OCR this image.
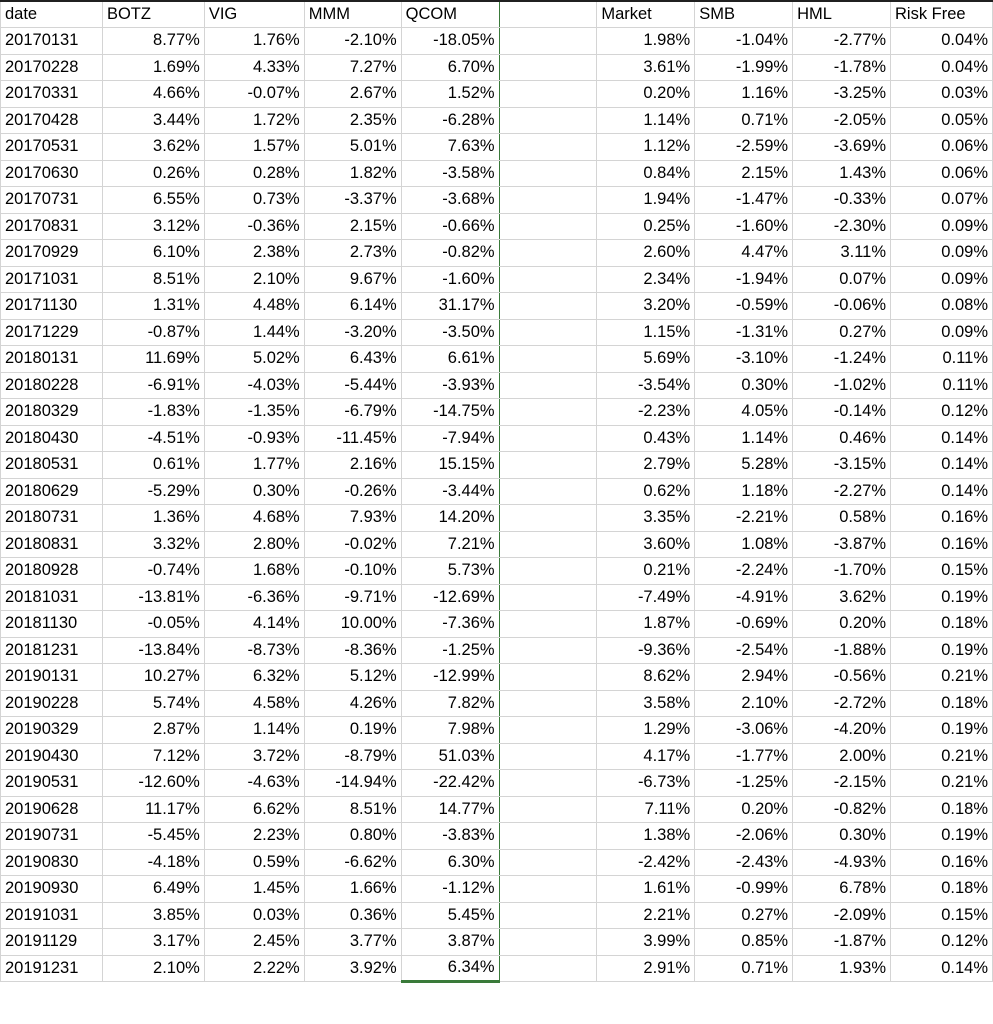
date	BOTZ	VIG	MMM	QCOM		Market	SMB	HML	Risk Free
20170131	8.77%	1.76%	-2.10%	-18.05%		1.98%	-1.04%	-2.77%	0.04%
20170228	1.69%	4.33%	7.27%	6.70%		3.61%	-1.99%	-1.78%	0.04%
20170331	4.66%	-0.07%	2.67%	1.52%		0.20%	1.16%	-3.25%	0.03%
20170428	3.44%	1.72%	2.35%	-6.28%		1.14%	0.71%	-2.05%	0.05%
20170531	3.62%	1.57%	5.01%	7.63%		1.12%	-2.59%	-3.69%	0.06%
20170630	0.26%	0.28%	1.82%	-3.58%		0.84%	2.15%	1.43%	0.06%
20170731	6.55%	0.73%	-3.37%	-3.68%		1.94%	-1.47%	-0.33%	0.07%
20170831	3.12%	-0.36%	2.15%	-0.66%		0.25%	-1.60%	-2.30%	0.09%
20170929	6.10%	2.38%	2.73%	-0.82%		2.60%	4.47%	3.11%	0.09%
20171031	8.51%	2.10%	9.67%	-1.60%		2.34%	-1.94%	0.07%	0.09%
20171130	1.31%	4.48%	6.14%	31.17%		3.20%	-0.59%	-0.06%	0.08%
20171229	-0.87%	1.44%	-3.20%	-3.50%		1.15%	-1.31%	0.27%	0.09%
20180131	11.69%	5.02%	6.43%	6.61%		5.69%	-3.10%	-1.24%	0.11%
20180228	-6.91%	-4.03%	-5.44%	-3.93%		-3.54%	0.30%	-1.02%	0.11%
20180329	-1.83%	-1.35%	-6.79%	-14.75%		-2.23%	4.05%	-0.14%	0.12%
20180430	-4.51%	-0.93%	-11.45%	-7.94%		0.43%	1.14%	0.46%	0.14%
20180531	0.61%	1.77%	2.16%	15.15%		2.79%	5.28%	-3.15%	0.14%
20180629	-5.29%	0.30%	-0.26%	-3.44%		0.62%	1.18%	-2.27%	0.14%
20180731	1.36%	4.68%	7.93%	14.20%		3.35%	-2.21%	0.58%	0.16%
20180831	3.32%	2.80%	-0.02%	7.21%		3.60%	1.08%	-3.87%	0.16%
20180928	-0.74%	1.68%	-0.10%	5.73%		0.21%	-2.24%	-1.70%	0.15%
20181031	-13.81%	-6.36%	-9.71%	-12.69%		-7.49%	-4.91%	3.62%	0.19%
20181130	-0.05%	4.14%	10.00%	-7.36%		1.87%	-0.69%	0.20%	0.18%
20181231	-13.84%	-8.73%	-8.36%	-1.25%		-9.36%	-2.54%	-1.88%	0.19%
20190131	10.27%	6.32%	5.12%	-12.99%		8.62%	2.94%	-0.56%	0.21%
20190228	5.74%	4.58%	4.26%	7.82%		3.58%	2.10%	-2.72%	0.18%
20190329	2.87%	1.14%	0.19%	7.98%		1.29%	-3.06%	-4.20%	0.19%
20190430	7.12%	3.72%	-8.79%	51.03%		4.17%	-1.77%	2.00%	0.21%
20190531	-12.60%	-4.63%	-14.94%	-22.42%		-6.73%	-1.25%	-2.15%	0.21%
20190628	11.17%	6.62%	8.51%	14.77%		7.11%	0.20%	-0.82%	0.18%
20190731	-5.45%	2.23%	0.80%	-3.83%		1.38%	-2.06%	0.30%	0.19%
20190830	-4.18%	0.59%	-6.62%	6.30%		-2.42%	-2.43%	-4.93%	0.16%
20190930	6.49%	1.45%	1.66%	-1.12%		1.61%	-0.99%	6.78%	0.18%
20191031	3.85%	0.03%	0.36%	5.45%		2.21%	0.27%	-2.09%	0.15%
20191129	3.17%	2.45%	3.77%	3.87%		3.99%	0.85%	-1.87%	0.12%
20191231	2.10%	2.22%	3.92%	6.34%		2.91%	0.71%	1.93%	0.14%
